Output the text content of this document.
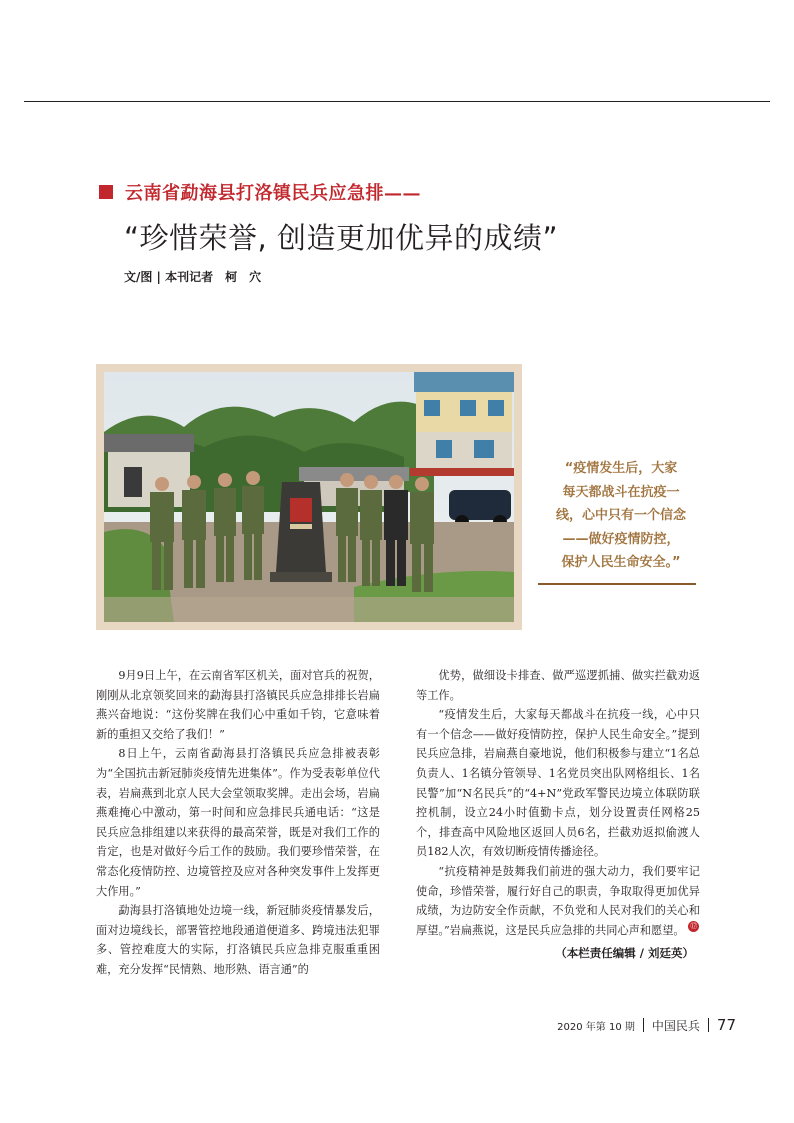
云南省勐海县打洛镇民兵应急排——
“珍惜荣誉, 创造更加优异的成绩”
文/图 | 本刊记者　柯　穴
“疫情发生后，大家
每天都战斗在抗疫一
线，心中只有一个信念
——做好疫情防控，
保护人民生命安全。”

9月9日上午，在云南省军区机关，面对官兵的祝贺，刚刚从北京领奖回来的勐海县打洛镇民兵应急排排长岩扁燕兴奋地说：“这份奖牌在我们心中重如千钧，它意味着新的重担又交给了我们！”

8日上午，云南省勐海县打洛镇民兵应急排被表彰为“全国抗击新冠肺炎疫情先进集体”。作为受表彰单位代表，岩扁燕到北京人民大会堂领取奖牌。走出会场，岩扁燕难掩心中激动，第一时间和应急排民兵通电话：“这是民兵应急排组建以来获得的最高荣誉，既是对我们工作的肯定，也是对做好今后工作的鼓励。我们要珍惜荣誉，在常态化疫情防控、边境管控及应对各种突发事件上发挥更大作用。”

勐海县打洛镇地处边境一线，新冠肺炎疫情暴发后，面对边境线长，部署管控地段通道便道多、跨境违法犯罪多、管控难度大的实际，打洛镇民兵应急排克服重重困难，充分发挥“民情熟、地形熟、语言通”的

优势，做细设卡排查、做严巡逻抓捕、做实拦截劝返等工作。

“疫情发生后，大家每天都战斗在抗疫一线，心中只有一个信念——做好疫情防控，保护人民生命安全。”提到民兵应急排，岩扁燕自豪地说，他们积极参与建立“1名总负责人、1名镇分管领导、1名党员突出队网格组长、1名民警”加“N名民兵”的“4+N”党政军警民边境立体联防联控机制，设立24小时值勤卡点，划分设置责任网格25个，排查高中风险地区返回人员6名，拦截劝返拟偷渡人员182人次，有效切断疫情传播途径。

“抗疫精神是鼓舞我们前进的强大动力，我们要牢记使命，珍惜荣誉，履行好自己的职责，争取取得更加优异成绩，为边防安全作贡献，不负党和人民对我们的关心和厚望。”岩扁燕说，这是民兵应急排的共同心声和愿望。 ⑰

（本栏责任编辑 / 刘廷英）

2020 年第 10 期 中国民兵 77
